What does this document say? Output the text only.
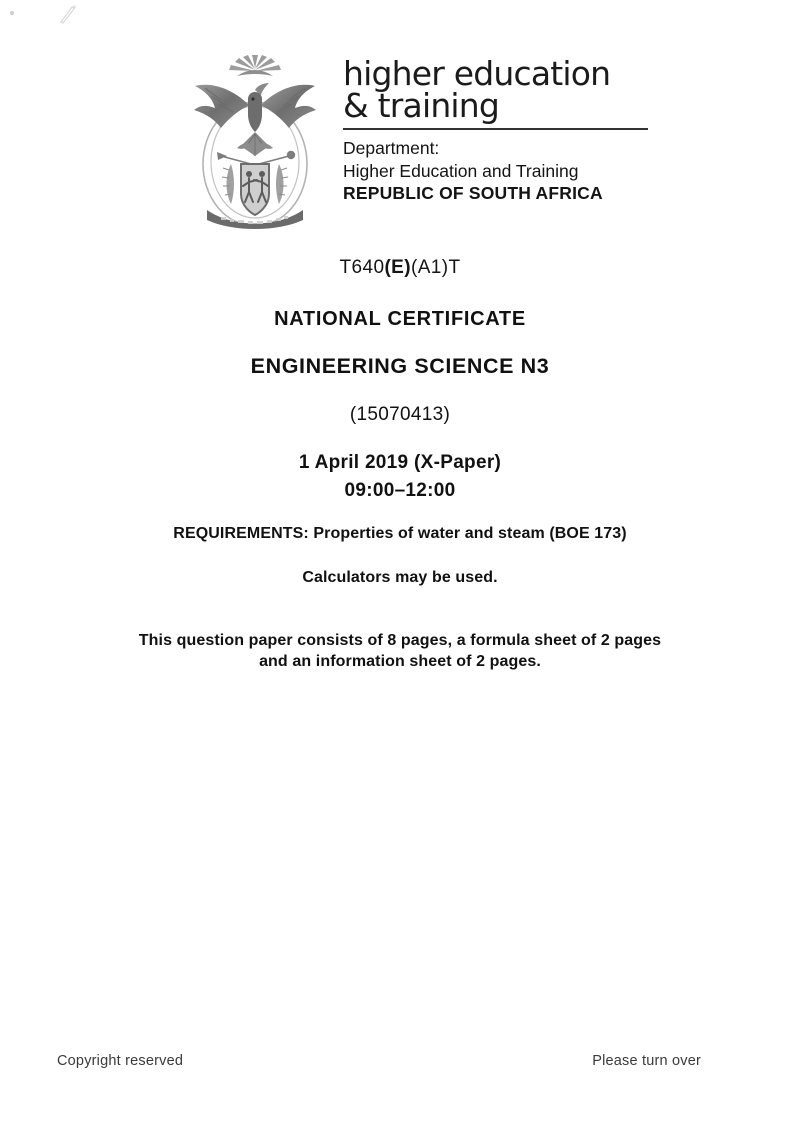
higher education
& training
Department:
Higher Education and Training
REPUBLIC OF SOUTH AFRICA
T640(E)(A1)T
NATIONAL CERTIFICATE
ENGINEERING SCIENCE N3
(15070413)
1 April 2019 (X-Paper)
09:00–12:00
REQUIREMENTS: Properties of water and steam (BOE 173)
Calculators may be used.
This question paper consists of 8 pages, a formula sheet of 2 pages
and an information sheet of 2 pages.
Copyright reserved	Please turn over
